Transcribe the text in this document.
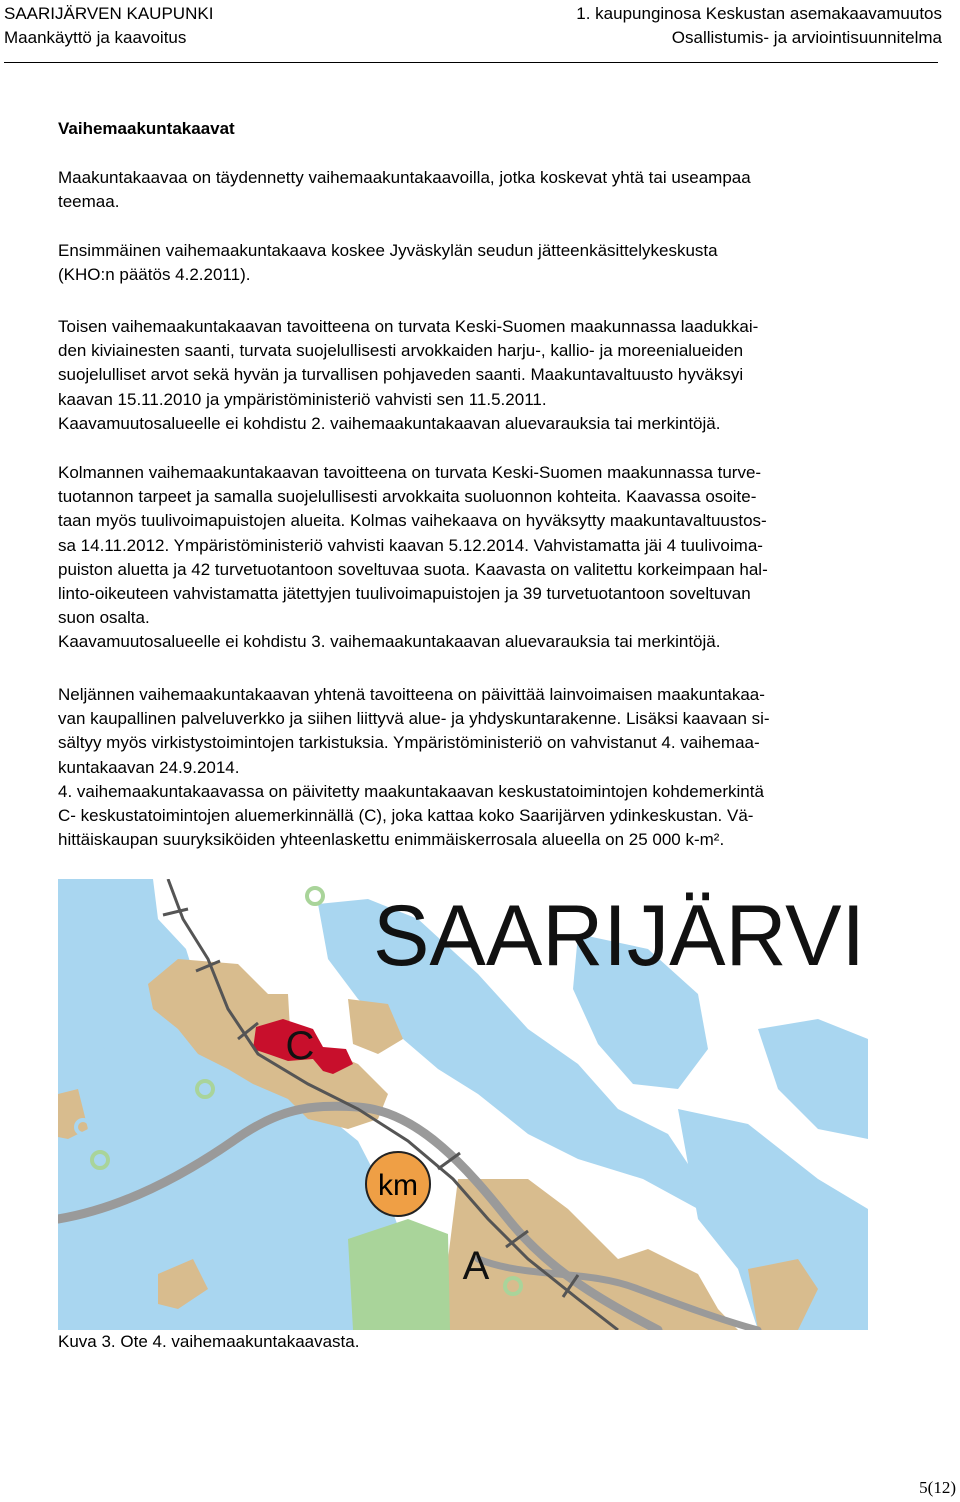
SAARIJÄRVEN KAUPUNKI
Maankäyttö ja kaavoitus
1. kaupunginosa Keskustan asemakaavamuutos
Osallistumis- ja arviointisuunnitelma
Vaihemaakuntakaavat
Maakuntakaavaa on täydennetty vaihemaakuntakaavoilla, jotka koskevat yhtä tai useampaa
teemaa.
Ensimmäinen vaihemaakuntakaava koskee Jyväskylän seudun jätteenkäsittelykeskusta
(KHO:n päätös 4.2.2011).
Toisen vaihemaakuntakaavan tavoitteena on turvata Keski-Suomen maakunnassa laadukkai-
den kiviainesten saanti, turvata suojelullisesti arvokkaiden harju-, kallio- ja moreenialueiden
suojelulliset arvot sekä hyvän ja turvallisen pohjaveden saanti. Maakuntavaltuusto hyväksyi
kaavan 15.11.2010 ja ympäristöministeriö vahvisti sen 11.5.2011.
Kaavamuutosalueelle ei kohdistu 2. vaihemaakuntakaavan aluevarauksia tai merkintöjä.
Kolmannen vaihemaakuntakaavan tavoitteena on turvata Keski-Suomen maakunnassa turve-
tuotannon tarpeet ja samalla suojelullisesti arvokkaita suoluonnon kohteita. Kaavassa osoite-
taan myös tuulivoimapuistojen alueita. Kolmas vaihekaava on hyväksytty maakuntavaltuustos-
sa 14.11.2012. Ympäristöministeriö vahvisti kaavan 5.12.2014. Vahvistamatta jäi 4 tuulivoima-
puiston aluetta ja 42 turvetuotantoon soveltuvaa suota. Kaavasta on valitettu korkeimpaan hal-
linto-oikeuteen vahvistamatta jätettyjen tuulivoimapuistojen ja 39 turvetuotantoon soveltuvan
suon osalta.
Kaavamuutosalueelle ei kohdistu 3. vaihemaakuntakaavan aluevarauksia tai merkintöjä.
Neljännen vaihemaakuntakaavan yhtenä tavoitteena on päivittää lainvoimaisen maakuntakaa-
van kaupallinen palveluverkko ja siihen liittyvä alue- ja yhdyskuntarakenne. Lisäksi kaavaan si-
sältyy myös virkistystoimintojen tarkistuksia. Ympäristöministeriö on vahvistanut 4. vaihemaa-
kuntakaavan 24.9.2014.
4. vaihemaakuntakaavassa on päivitetty maakuntakaavan keskustatoimintojen kohdemerkintä
C- keskustatoimintojen aluemerkinnällä (C), joka kattaa koko Saarijärven ydinkeskustan. Vä-
hittäiskaupan suuryksiköiden yhteenlaskettu enimmäiskerrosala alueella on 25 000 k-m².
km
C
A
SAARIJÄRVI
Kuva 3. Ote 4. vaihemaakuntakaavasta.
5(12)
